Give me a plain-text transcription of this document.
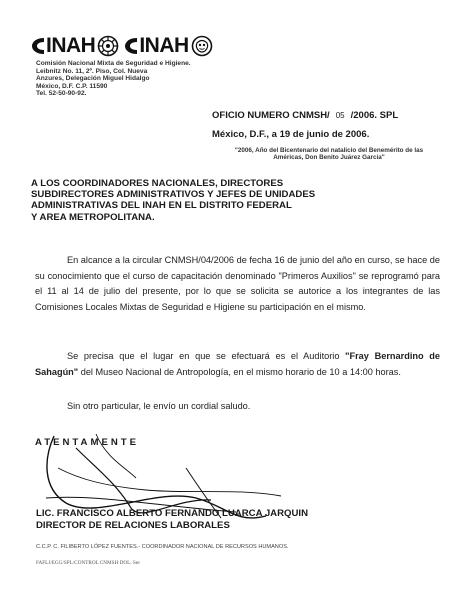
INAH INAH
Comisión Nacional Mixta de Seguridad e Higiene.
Leibnitz No. 11, 2º. Piso, Col. Nueva
Anzures, Delegación Miguel Hidalgo
México, D.F. C.P. 11590
Tel. 52-50-90-92.
OFICIO NUMERO CNMSH/ 05 /2006. SPL
México, D.F., a 19 de junio de 2006.
"2006, Año del Bicentenario del natalicio del Benemérito de las
Américas, Don Benito Juárez García"
A LOS COORDINADORES NACIONALES, DIRECTORES
SUBDIRECTORES ADMINISTRATIVOS Y JEFES DE UNIDADES
ADMINISTRATIVAS DEL INAH EN EL DISTRITO FEDERAL
Y AREA METROPOLITANA.
En alcance a la circular CNMSH/04/2006 de fecha 16 de junio del año en curso, se hace de su conocimiento que el curso de capacitación denominado "Primeros Auxilios" se reprogramó para el 11 al 14 de julio del presente, por lo que se solicita se autorice a los integrantes de las Comisiones Locales Mixtas de Seguridad e Higiene su participación en el mismo.
Se precisa que el lugar en que se efectuará es el Auditorio "Fray Bernardino de Sahagún" del Museo Nacional de Antropología, en el mismo horario de 10 a 14:00 horas.
Sin otro particular, le envío un cordial saludo.
ATENTAMENTE
LIC. FRANCISCO ALBERTO FERNANDO LUARCA JARQUIN
DIRECTOR DE RELACIONES LABORALES
C.C.P. C. FILIBERTO LÓPEZ FUENTES.- COORDINADOR NACIONAL DE RECURSOS HUMANOS.
FAFLJ/EGG/SPL/CONTROL CNMSH DOL. Sec
